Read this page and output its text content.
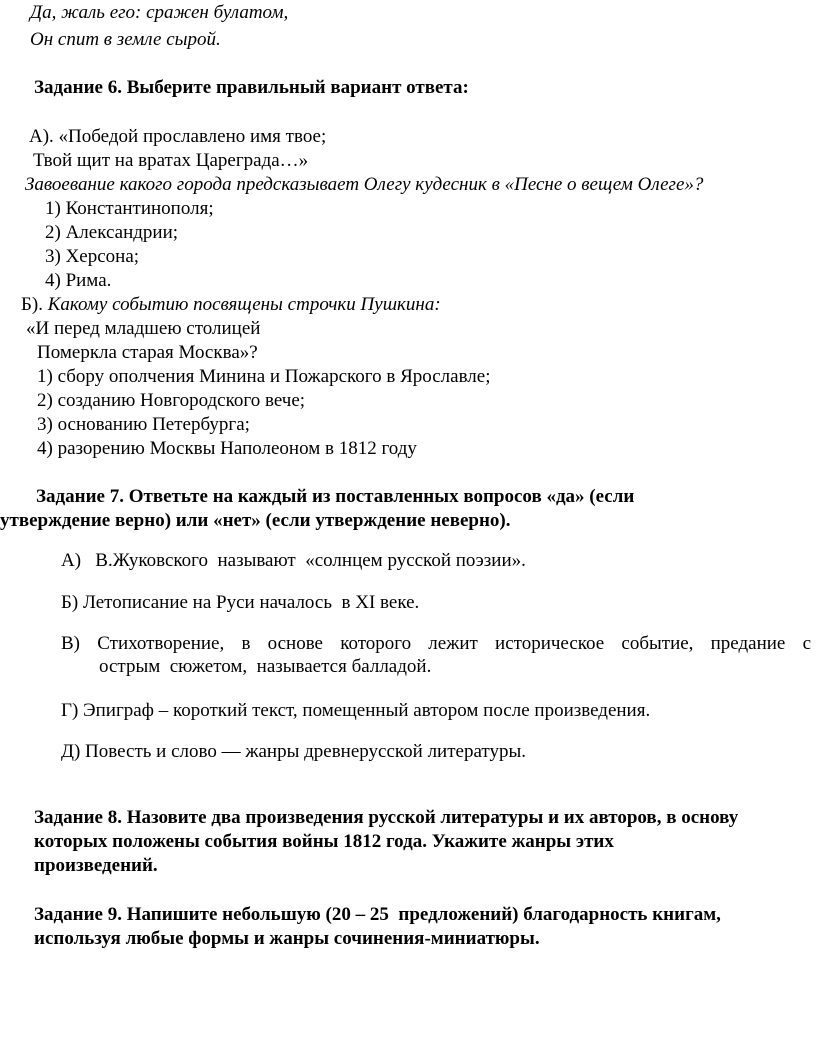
Да, жаль его: сражен булатом,
Он спит в земле сырой.
Задание 6. Выберите правильный вариант ответа:
А). «Победой прославлено имя твое;
Твой щит на вратах Цареграда…»
Завоевание какого города предсказывает Олегу кудесник в «Песне о вещем Олеге»?
1) Константинополя;
2) Александрии;
3) Херсона;
4) Рима.
Б). Какому событию посвящены строчки Пушкина:
«И перед младшею столицей
Померкла старая Москва»?
1) сбору ополчения Минина и Пожарского в Ярославле;
2) созданию Новгородского вече;
3) основанию Петербурга;
4) разорению Москвы Наполеоном в 1812 году
Задание 7. Ответьте на каждый из поставленных вопросов «да» (если
утверждение верно) или «нет» (если утверждение неверно).
А)   В.Жуковского  называют  «солнцем русской поэзии».
Б) Летописание на Руси началось  в XI веке.
В) Стихотворение, в основе которого лежит историческое событие, предание с
острым  сюжетом,  называется балладой.
Г) Эпиграф – короткий текст, помещенный автором после произведения.
Д) Повесть и слово — жанры древнерусской литературы.
Задание 8. Назовите два произведения русской литературы и их авторов, в основу
которых положены события войны 1812 года. Укажите жанры этих
произведений.
Задание 9. Напишите небольшую (20 – 25  предложений) благодарность книгам,
используя любые формы и жанры сочинения-миниатюры.
